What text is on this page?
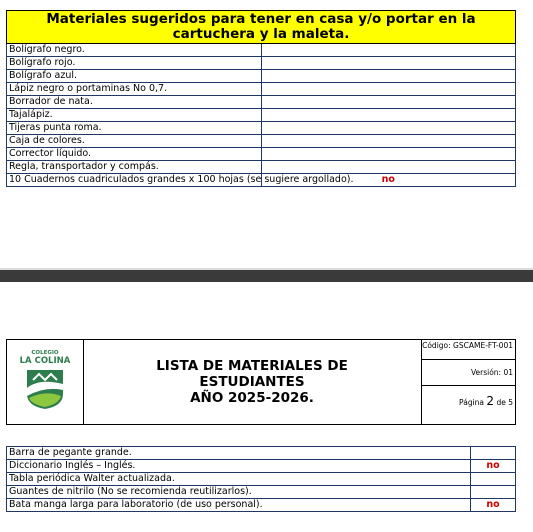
Materiales sugeridos para tener en casa y/o portar en la cartuchera y la maleta.	
Bolígrafo negro.	
Bolígrafo rojo.	
Bolígrafo azul.	
Lápiz negro o portaminas No 0,7.	
Borrador de nata.	
Tajalápiz.	
Tijeras punta roma.	
Caja de colores.	
Corrector líquido.	
Regla, transportador y compás.	
10 Cuadernos cuadriculados grandes x 100 hojas (se sugiere argollado).	no
COLEGIO
LA COLINA	LISTA DE MATERIALES DE
ESTUDIANTES
AÑO 2025-2026.
Código: GSCAME-FT-001
Versión: 01
Página 2 de 5
Barra de pegante grande.	
Diccionario Inglés – Inglés.	no
Tabla periódica Walter actualizada.	
Guantes de nitrilo (No se recomienda reutilizarlos).	
Bata manga larga para laboratorio (de uso personal).	no
